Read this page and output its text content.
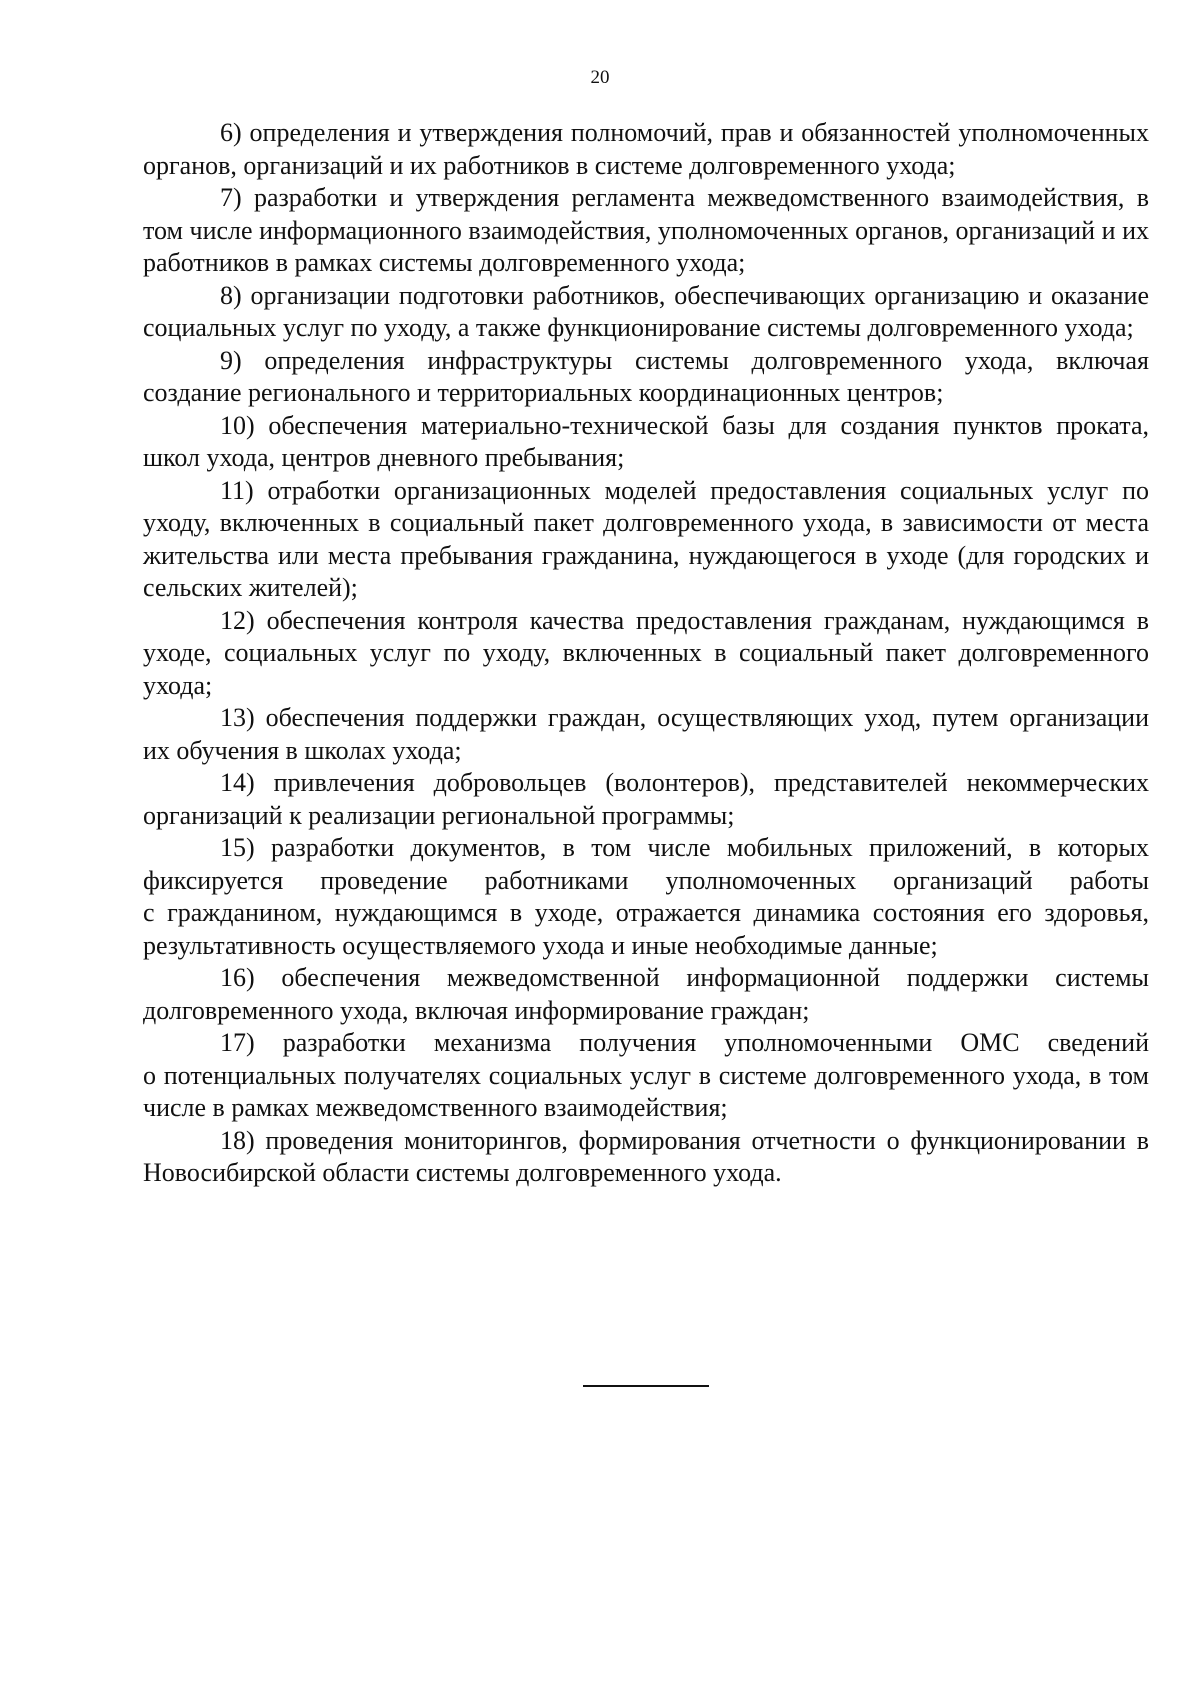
20

6) определения и утверждения полномочий, прав и обязанностей уполномоченных органов, организаций и их работников в системе долговременного ухода;

7) разработки и утверждения регламента межведомственного взаимодействия, в том числе информационного взаимодействия, уполномоченных органов, организаций и их работников в рамках системы долговременного ухода;

8) организации подготовки работников, обеспечивающих организацию и оказание социальных услуг по уходу, а также функционирование системы долговременного ухода;

9) определения инфраструктуры системы долговременного ухода, включая создание регионального и территориальных координационных центров;

10) обеспечения материально-технической базы для создания пунктов проката, школ ухода, центров дневного пребывания;

11) отработки организационных моделей предоставления социальных услуг по уходу, включенных в социальный пакет долговременного ухода, в зависимости от места жительства или места пребывания гражданина, нуждающегося в уходе (для городских и сельских жителей);

12) обеспечения контроля качества предоставления гражданам, нуждающимся в уходе, социальных услуг по уходу, включенных в социальный пакет долговременного ухода;

13) обеспечения поддержки граждан, осуществляющих уход, путем организации их обучения в школах ухода;

14) привлечения добровольцев (волонтеров), представителей некоммерческих организаций к реализации региональной программы;

15) разработки документов, в том числе мобильных приложений, в которых фиксируется проведение работниками уполномоченных организаций работы с гражданином, нуждающимся в уходе, отражается динамика состояния его здоровья, результативность осуществляемого ухода и иные необходимые данные;

16) обеспечения межведомственной информационной поддержки системы долговременного ухода, включая информирование граждан;

17) разработки механизма получения уполномоченными ОМС сведений о потенциальных получателях социальных услуг в системе долговременного ухода, в том числе в рамках межведомственного взаимодействия;

18) проведения мониторингов, формирования отчетности о функционировании в Новосибирской области системы долговременного ухода.
